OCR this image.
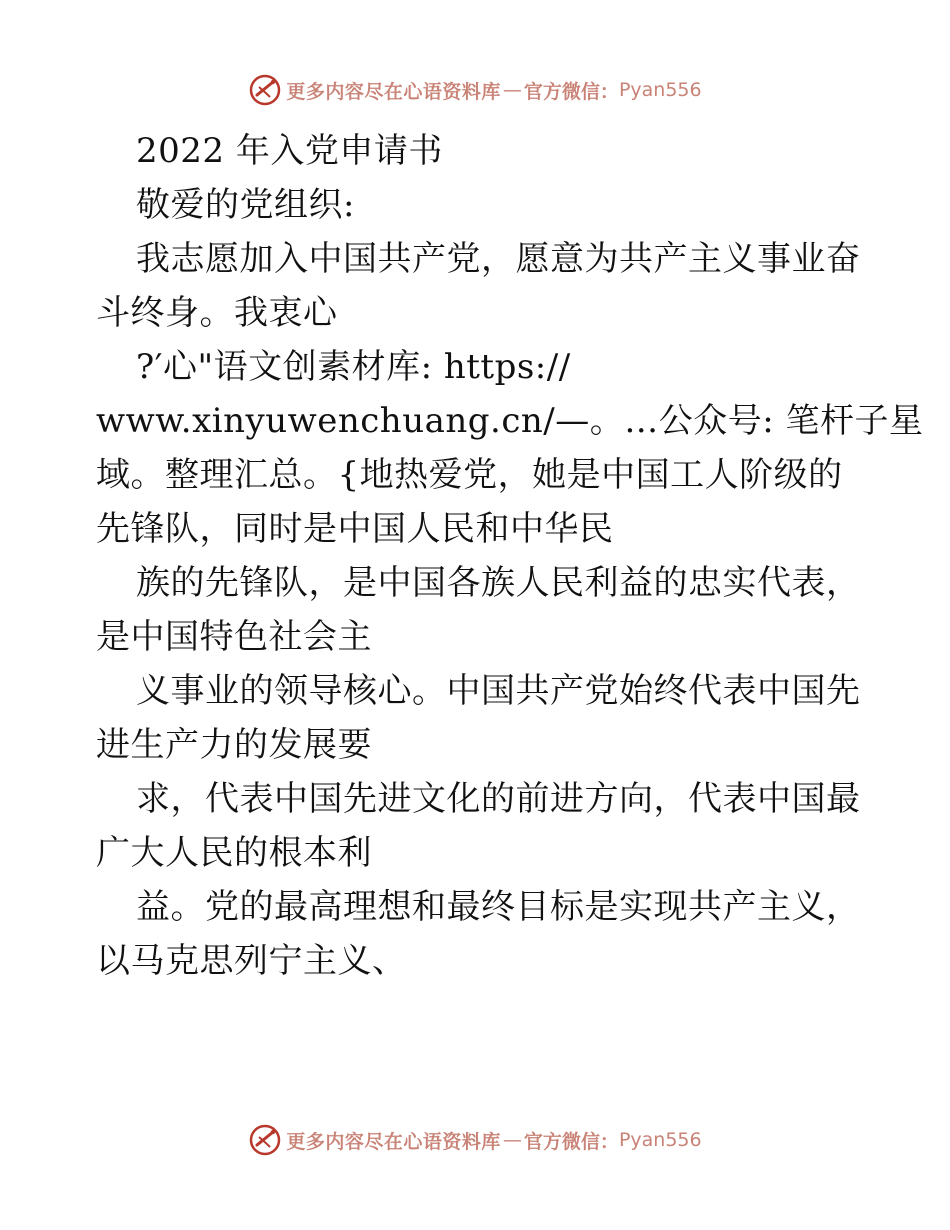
更多内容尽在心语资料库 — 官方微信： Pyan556
2022 年入党申请书
敬爱的党组织:
我志愿加入中国共产党，愿意为共产主义事业奋
斗终身。我衷心
?′心"语文创素材库: https://
www.xinyuwenchuang.cn/—。…公众号: 笔杆子星
域。整理汇总。{地热爱党，她是中国工人阶级的
先锋队，同时是中国人民和中华民
族的先锋队，是中国各族人民利益的忠实代表，
是中国特色社会主
义事业的领导核心。中国共产党始终代表中国先
进生产力的发展要
求，代表中国先进文化的前进方向，代表中国最
广大人民的根本利
益。党的最高理想和最终目标是实现共产主义，
以马克思列宁主义、
更多内容尽在心语资料库 — 官方微信： Pyan556
